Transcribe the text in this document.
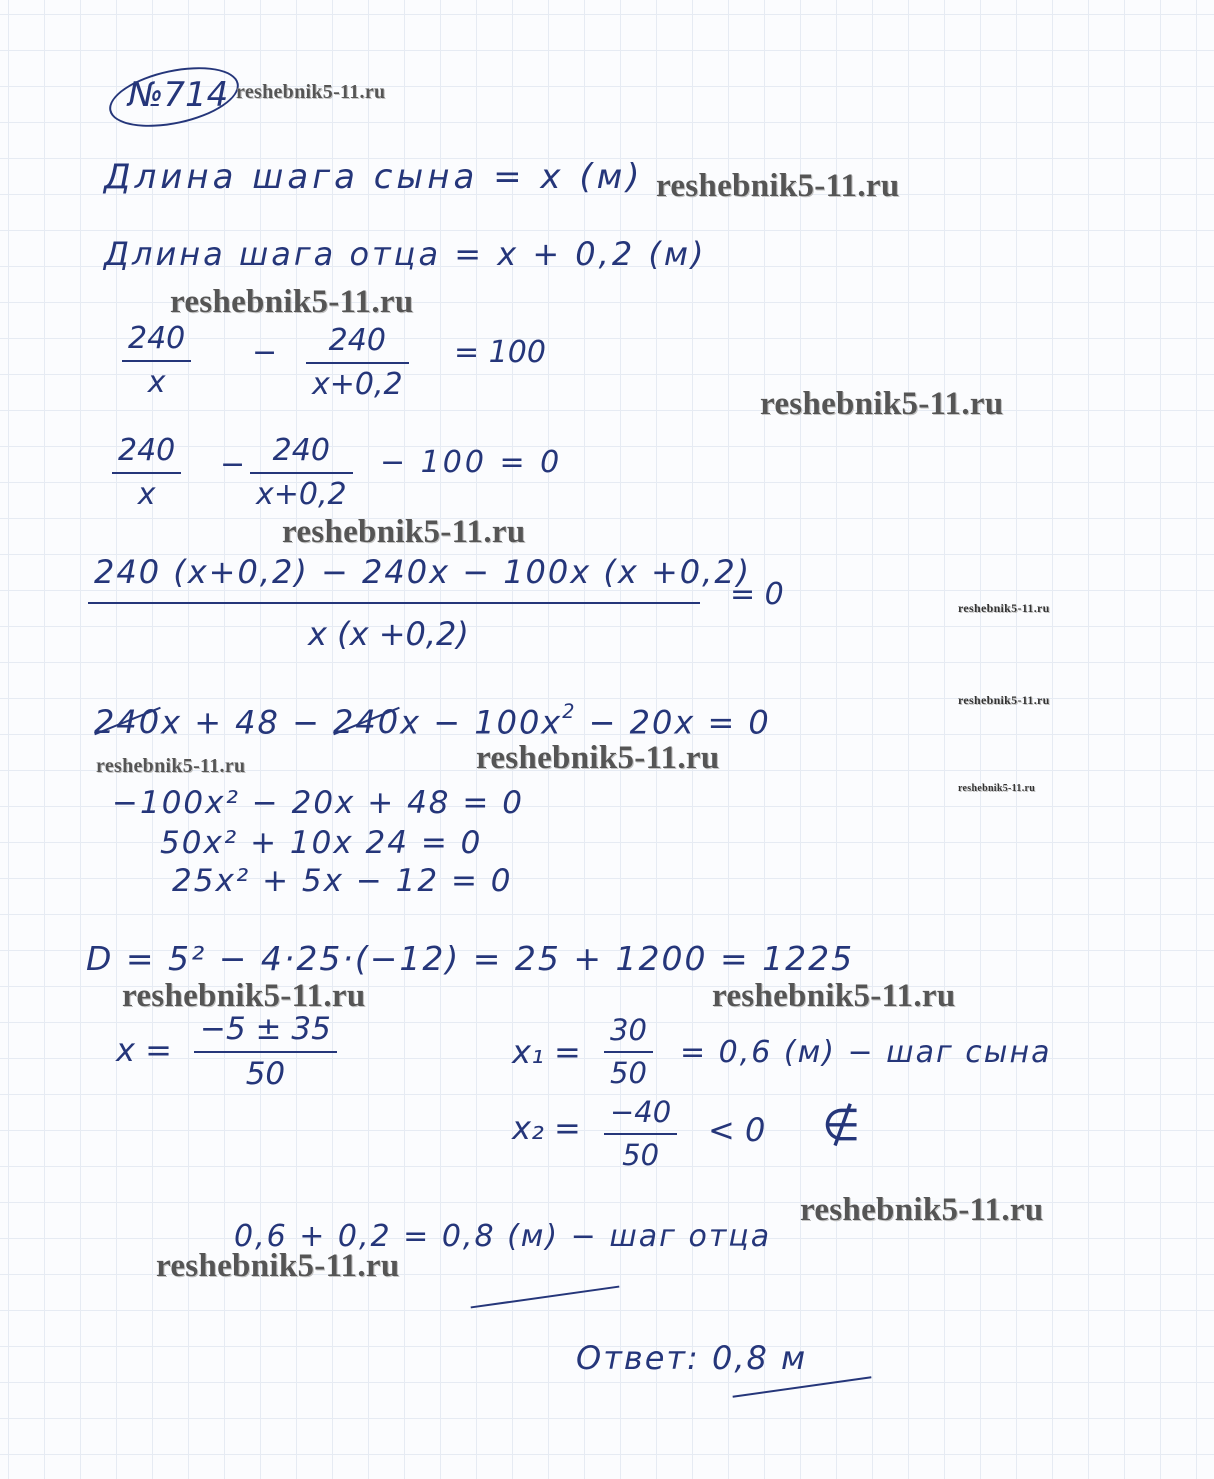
№714 reshebnik5-11.ru
Длина шага сына = x (м) reshebnik5-11.ru
Длина шага отца = x + 0,2 (м)
reshebnik5-11.ru
240
x
−	240
x+0,2
= 100
reshebnik5-11.ru
240
x
− 240
x+0,2
− 100 = 0
reshebnik5-11.ru
240 (x+0,2) − 240x − 100x (x +0,2)
x (x +0,2)
= 0	reshebnik5-11.ru
reshebnik5-11.ru
$240x + 48 - 240x - 100x^2 - 20x = 0$
reshebnik5-11.ru	reshebnik5-11.ru
reshebnik5-11.ru
−100x² − 20x + 48 = 0
50x² + 10x 24 = 0
25x² + 5x − 12 = 0
D = 5² − 4·25·(−12) = 25 + 1200 = 1225
reshebnik5-11.ru	reshebnik5-11.ru
x =
−5 ± 35
50
x₁ =
30
50
= 0,6 (м) − шаг сына
x₂ = −40
50
< 0 ∉
reshebnik5-11.ru
0,6 + 0,2 = 0,8 (м) − шаг отца
reshebnik5-11.ru
Ответ: 0,8 м
